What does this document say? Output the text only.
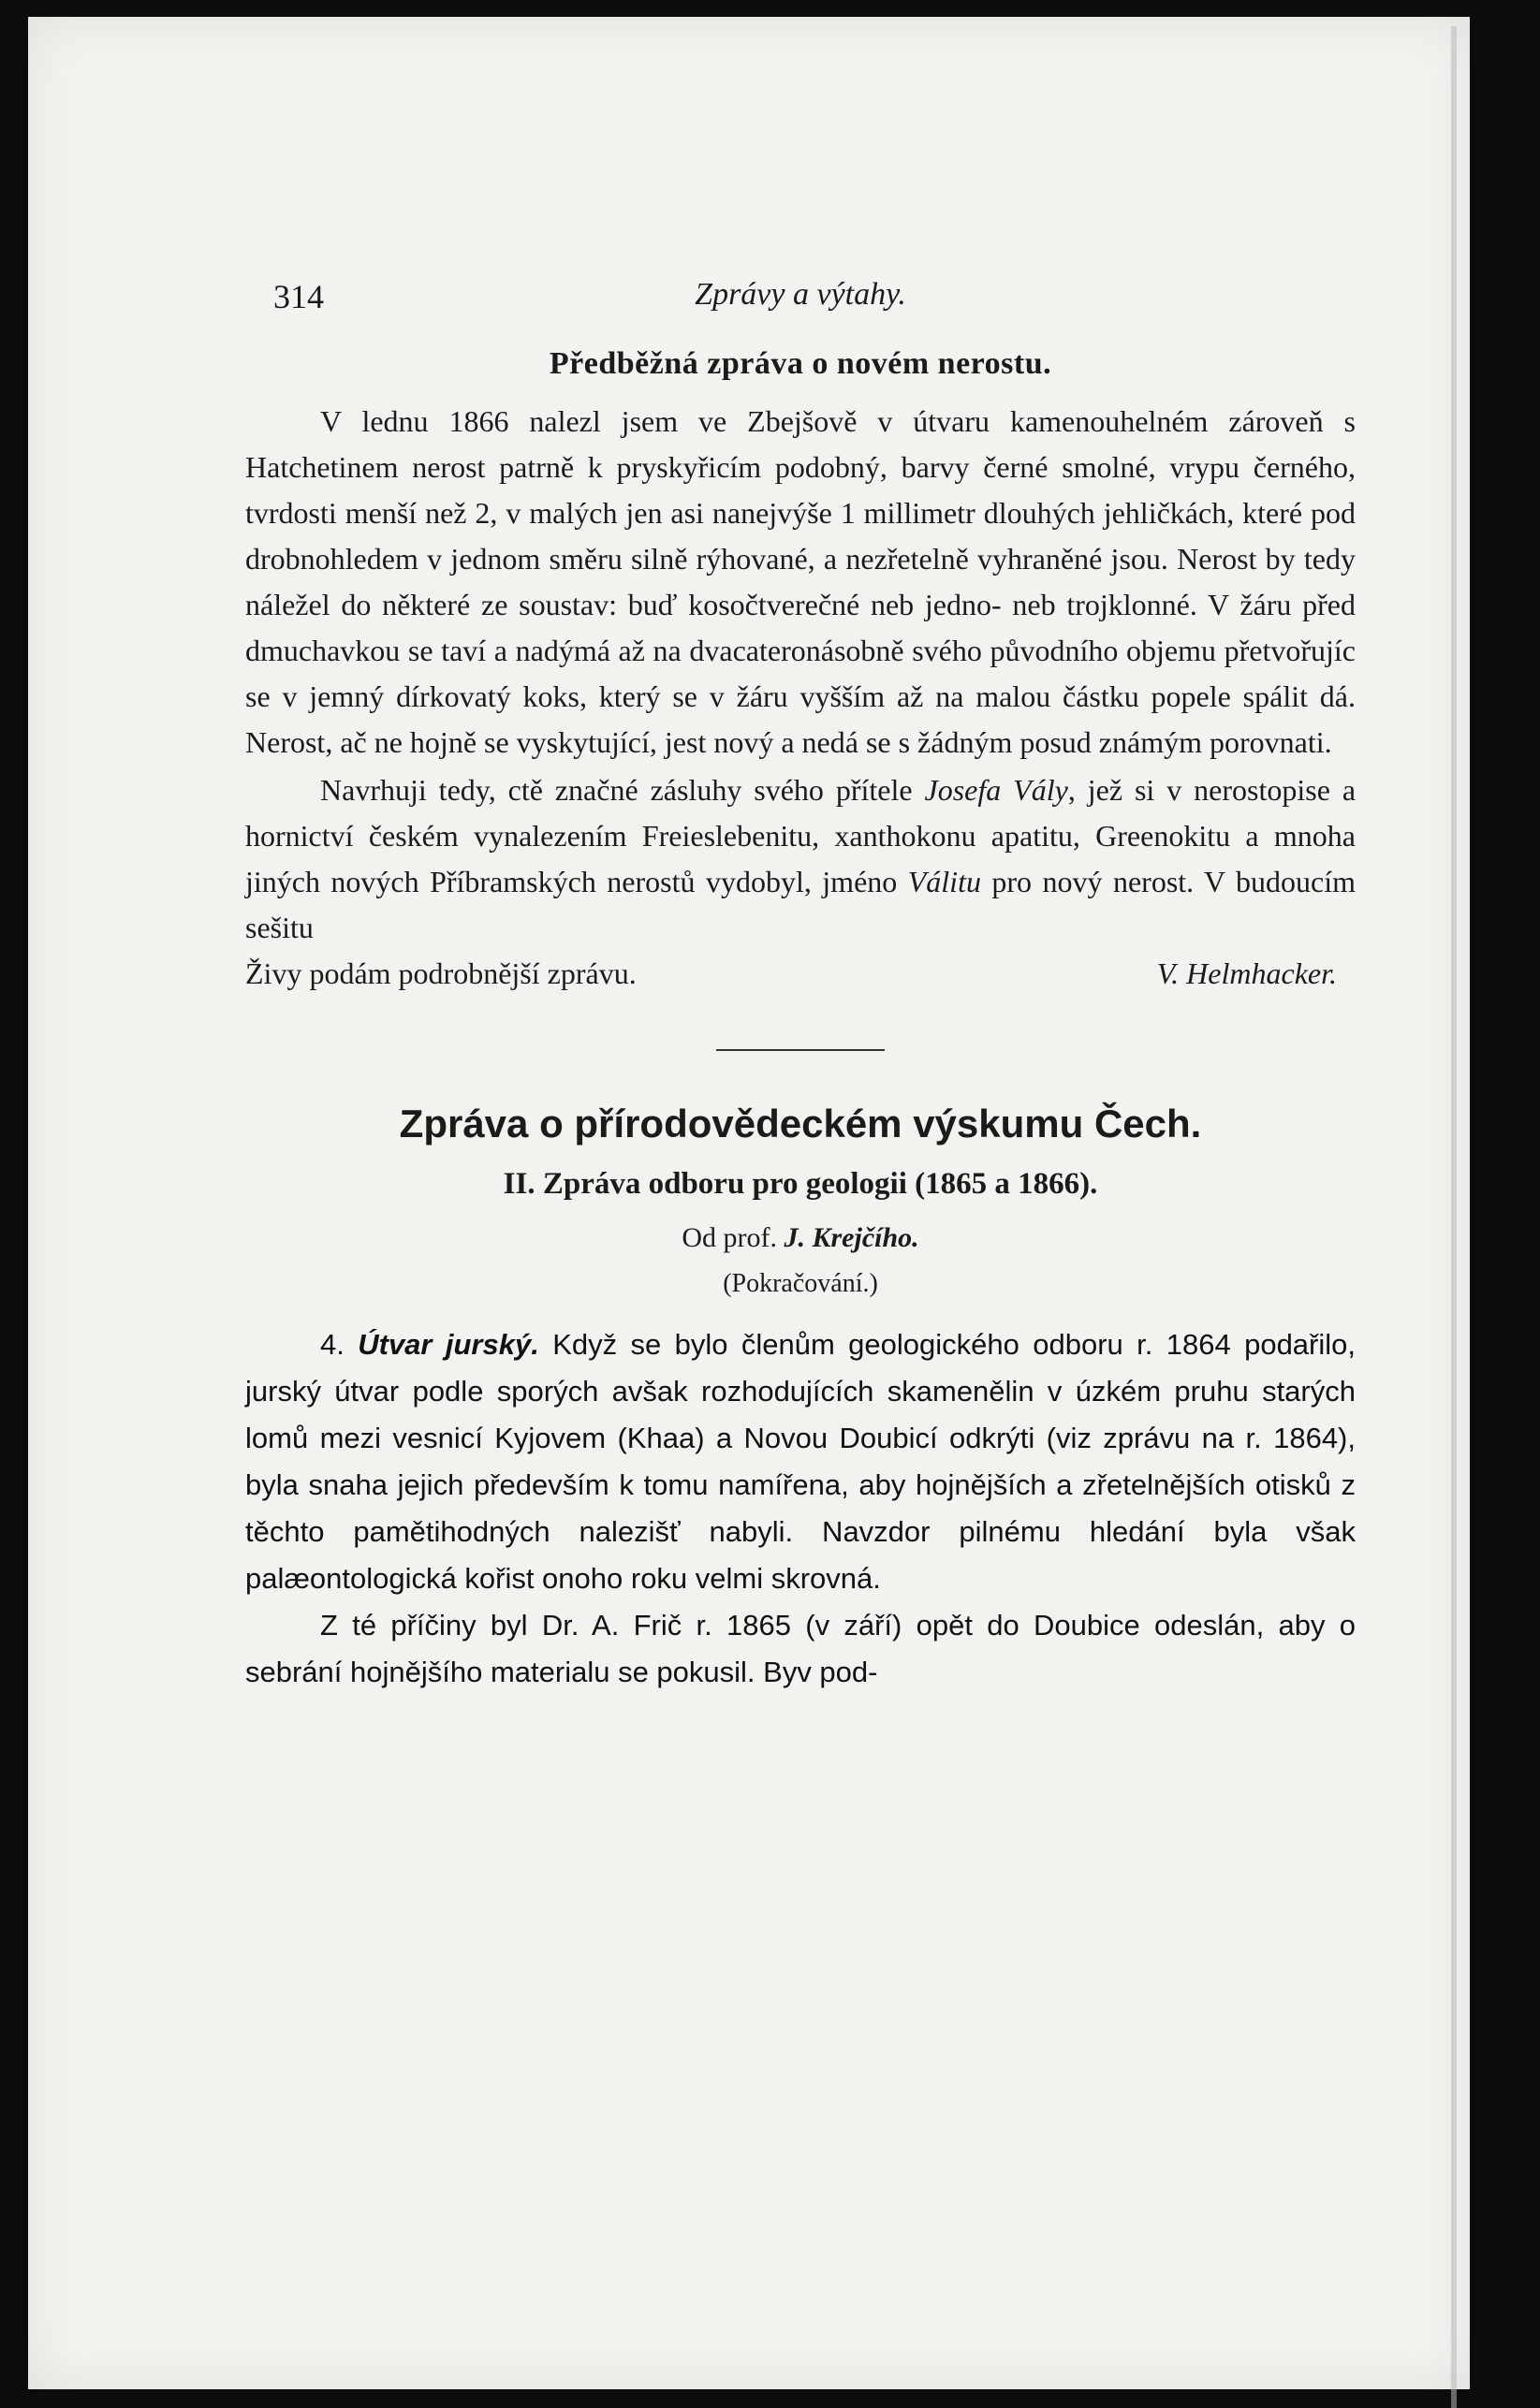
314	Zprávy a výtahy.
Předběžná zpráva o novém nerostu.

V lednu 1866 nalezl jsem ve Zbejšově v útvaru kamenouhelném zároveň s Hatchetinem nerost patrně k pryskyřicím podobný, barvy černé smolné, vrypu černého, tvrdosti menší než 2, v malých jen asi nanejvýše 1 millimetr dlouhých jehličkách, které pod drobnohledem v jednom směru silně rýhované, a nezřetelně vyhraněné jsou. Nerost by tedy náležel do některé ze soustav: buď kosočtverečné neb jedno- neb trojklonné. V žáru před dmuchavkou se taví a nadýmá až na dvacateronásobně svého původního objemu přetvořujíc se v jemný dírkovatý koks, který se v žáru vyšším až na malou částku popele spálit dá. Nerost, ač ne hojně se vyskytující, jest nový a nedá se s žádným posud známým porovnati.

Navrhuji tedy, ctě značné zásluhy svého přítele Josefa Vály, jež si v nerostopise a hornictví českém vynalezením Freieslebenitu, xanthokonu apatitu, Greenokitu a mnoha jiných nových Příbramských nerostů vydobyl, jméno Válitu pro nový nerost. V budoucím sešitu

Živy podám podrobnější zprávu.	V. Helmhacker.
Zpráva o přírodovědeckém výskumu Čech.
II. Zpráva odboru pro geologii (1865 a 1866).
Od prof. J. Krejčího.
(Pokračování.)

4. Útvar jurský. Když se bylo členům geologického odboru r. 1864 podařilo, jurský útvar podle sporých avšak rozhodujících skamenělin v úzkém pruhu starých lomů mezi vesnicí Kyjovem (Khaa) a Novou Doubicí odkrýti (viz zprávu na r. 1864), byla snaha jejich především k tomu namířena, aby hojnějších a zřetelnějších otisků z těchto pamětihodných nalezišť nabyli. Navzdor pilnému hledání byla však palæontologická kořist onoho roku velmi skrovná.

Z té příčiny byl Dr. A. Frič r. 1865 (v září) opět do Doubice odeslán, aby o sebrání hojnějšího materialu se pokusil. Byv pod-
